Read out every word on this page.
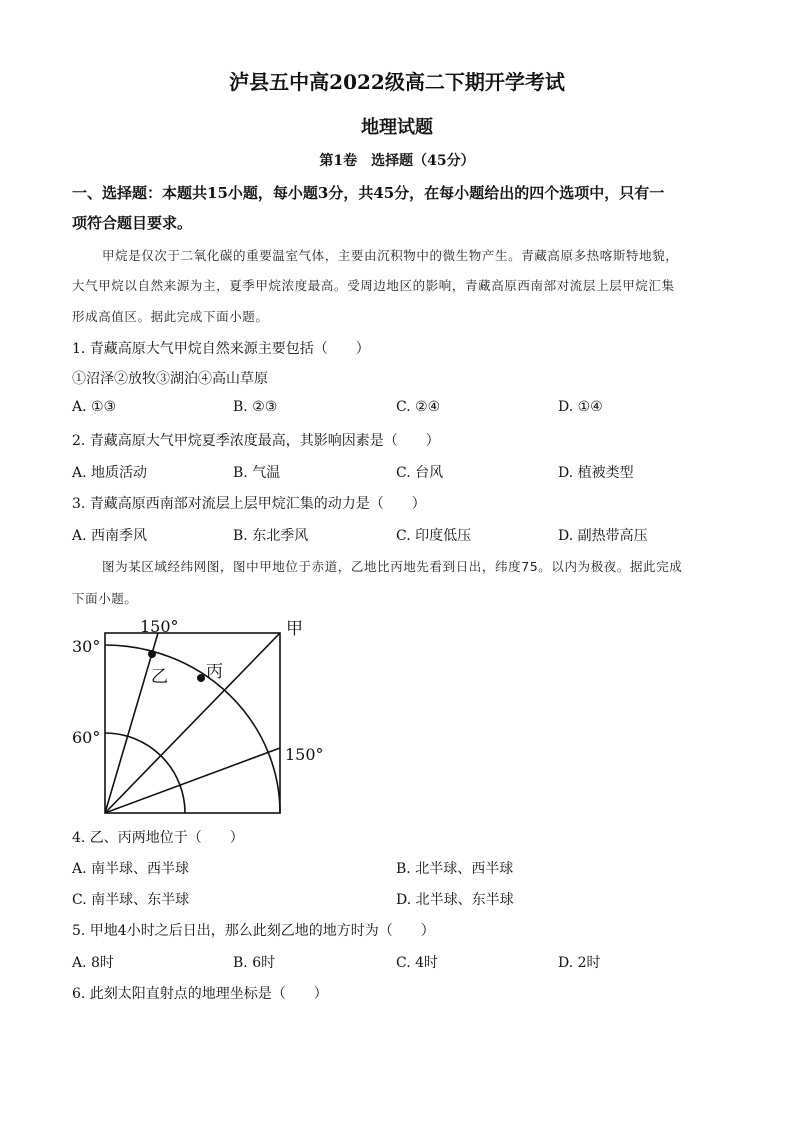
泸县五中高2022级高二下期开学考试
地理试题
第1卷　选择题（45分）
一、选择题：本题共15小题，每小题3分，共45分，在每小题给出的四个选项中，只有一
项符合题目要求。
甲烷是仅次于二氧化碳的重要温室气体，主要由沉积物中的微生物产生。青藏高原多热喀斯特地貌，
大气甲烷以自然来源为主，夏季甲烷浓度最高。受周边地区的影响，青藏高原西南部对流层上层甲烷汇集
形成高值区。据此完成下面小题。
1. 青藏高原大气甲烷自然来源主要包括（　　）
①沼泽②放牧③湖泊④高山草原
A. ①③	B. ②③	C. ②④	D. ①④
2. 青藏高原大气甲烷夏季浓度最高，其影响因素是（　　）
A. 地质活动	B. 气温	C. 台风	D. 植被类型
3. 青藏高原西南部对流层上层甲烷汇集的动力是（　　）
A. 西南季风	B. 东北季风	C. 印度低压	D. 副热带高压
图为某区域经纬网图，图中甲地位于赤道，乙地比丙地先看到日出，纬度75。以内为极夜。据此完成
下面小题。
150°	甲
30°
乙 丙
60°
150°
4. 乙、丙两地位于（　　）
A. 南半球、西半球	B. 北半球、西半球
C. 南半球、东半球	D. 北半球、东半球
5. 甲地4小时之后日出，那么此刻乙地的地方时为（　　）
A. 8时	B. 6时	C. 4时	D. 2时
6. 此刻太阳直射点的地理坐标是（　　）
